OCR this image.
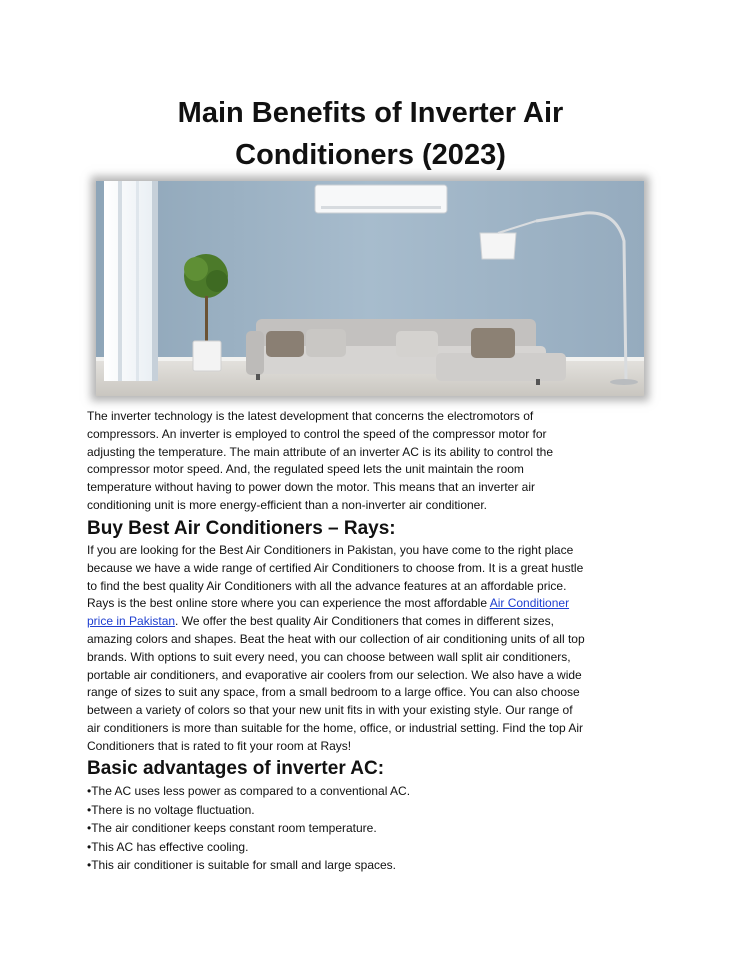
Main Benefits of Inverter Air
Conditioners (2023)

The inverter technology is the latest development that concerns the electromotors of
compressors. An inverter is employed to control the speed of the compressor motor for
adjusting the temperature. The main attribute of an inverter AC is its ability to control the
compressor motor speed. And, the regulated speed lets the unit maintain the room
temperature without having to power down the motor. This means that an inverter air
conditioning unit is more energy-efficient than a non-inverter air conditioner.

Buy Best Air Conditioners – Rays:

If you are looking for the Best Air Conditioners in Pakistan, you have come to the right place
because we have a wide range of certified Air Conditioners to choose from. It is a great hustle
to find the best quality Air Conditioners with all the advance features at an affordable price.
Rays is the best online store where you can experience the most affordable Air Conditioner
price in Pakistan. We offer the best quality Air Conditioners that comes in different sizes,
amazing colors and shapes. Beat the heat with our collection of air conditioning units of all top
brands. With options to suit every need, you can choose between wall split air conditioners,
portable air conditioners, and evaporative air coolers from our selection. We also have a wide
range of sizes to suit any space, from a small bedroom to a large office. You can also choose
between a variety of colors so that your new unit fits in with your existing style. Our range of
air conditioners is more than suitable for the home, office, or industrial setting. Find the top Air
Conditioners that is rated to fit your room at Rays!

Basic advantages of inverter AC:
•The AC uses less power as compared to a conventional AC.
•There is no voltage fluctuation.
•The air conditioner keeps constant room temperature.
•This AC has effective cooling.
•This air conditioner is suitable for small and large spaces.
